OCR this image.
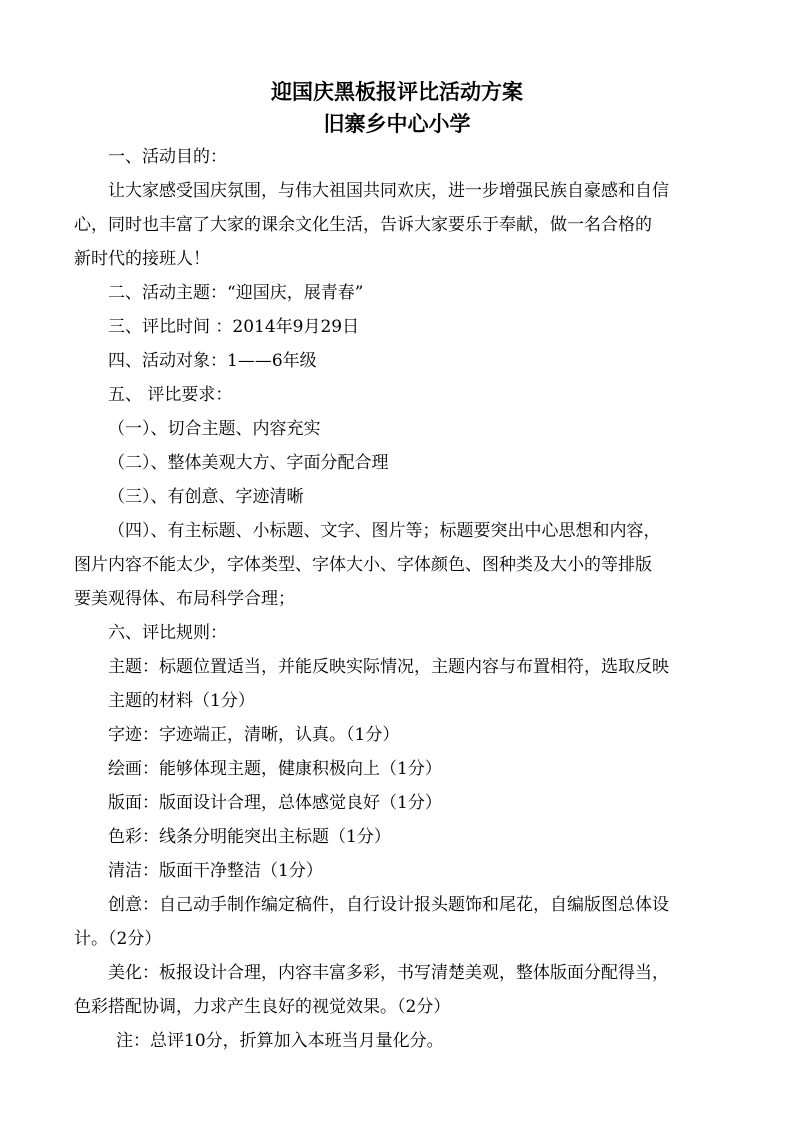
迎国庆黑板报评比活动方案
旧寨乡中心小学
一、活动目的：
让大家感受国庆氛围，与伟大祖国共同欢庆，进一步增强民族自豪感和自信
心，同时也丰富了大家的课余文化生活，告诉大家要乐于奉献，做一名合格的
新时代的接班人！
二、活动主题：“迎国庆，展青春”
三、评比时间 ：2014年9月29日
四、活动对象：1——6年级
五、 评比要求：
（一）、切合主题、内容充实
（二）、整体美观大方、字面分配合理
（三）、有创意、字迹清晰
（四）、有主标题、小标题、文字、图片等；标题要突出中心思想和内容，
图片内容不能太少，字体类型、字体大小、字体颜色、图种类及大小的等排版
要美观得体、布局科学合理；
六、评比规则：
主题：标题位置适当，并能反映实际情况，主题内容与布置相符，选取反映
主题的材料（1分）
字迹：字迹端正，清晰，认真。（1分）
绘画：能够体现主题，健康积极向上（1分）
版面：版面设计合理，总体感觉良好（1分）
色彩：线条分明能突出主标题（1分）
清洁：版面干净整洁（1分）
创意：自己动手制作编定稿件，自行设计报头题饰和尾花，自编版图总体设
计。（2分）
美化：板报设计合理，内容丰富多彩，书写清楚美观，整体版面分配得当，
色彩搭配协调，力求产生良好的视觉效果。（2分）
注：总评10分，折算加入本班当月量化分。
